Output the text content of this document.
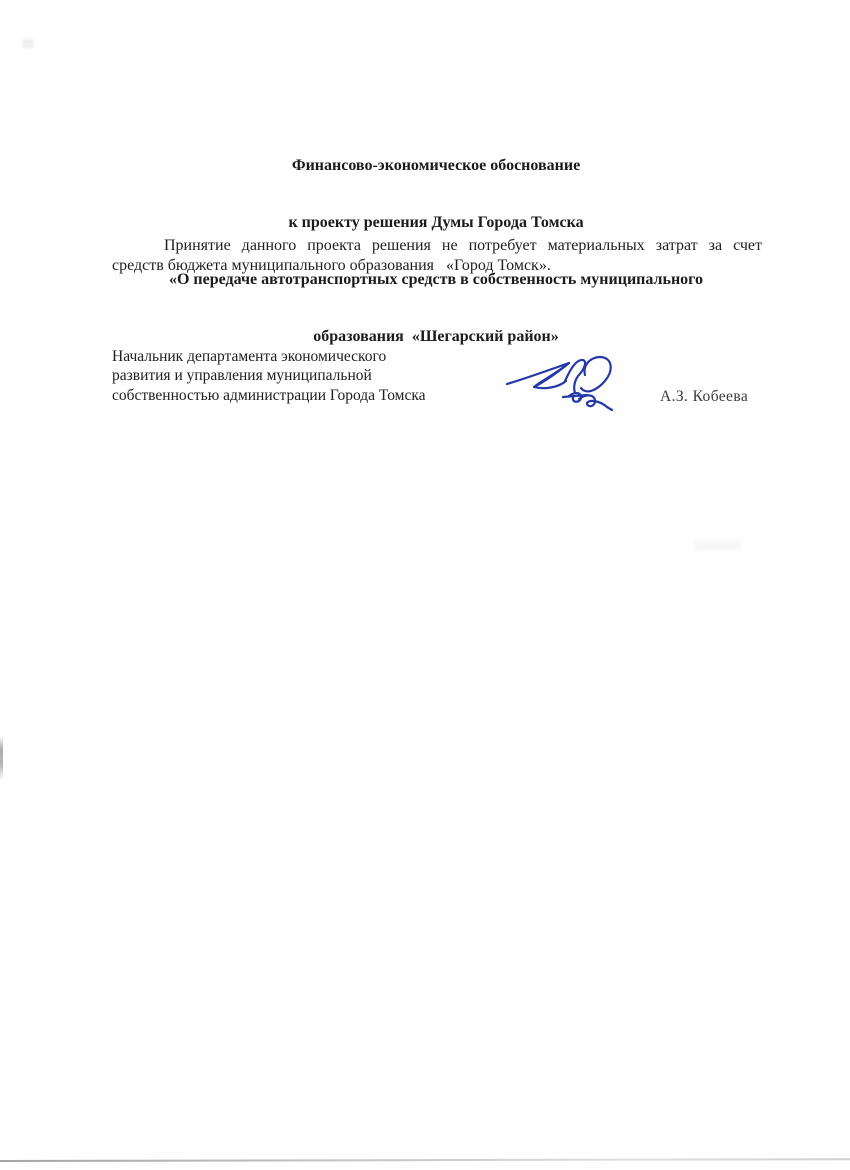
Финансово-экономическое обоснование

к проекту решения Думы Города Томска

«О передаче автотранспортных средств в собственность муниципального

образования  «Шегарский район»

Принятие данного проекта решения не потребует материальных затрат за счет
средств бюджета муниципального образования   «Город Томск».
Начальник департамента экономического
развития и управления муниципальной
собственностью администрации Города Томска	А.З. Кобеева
